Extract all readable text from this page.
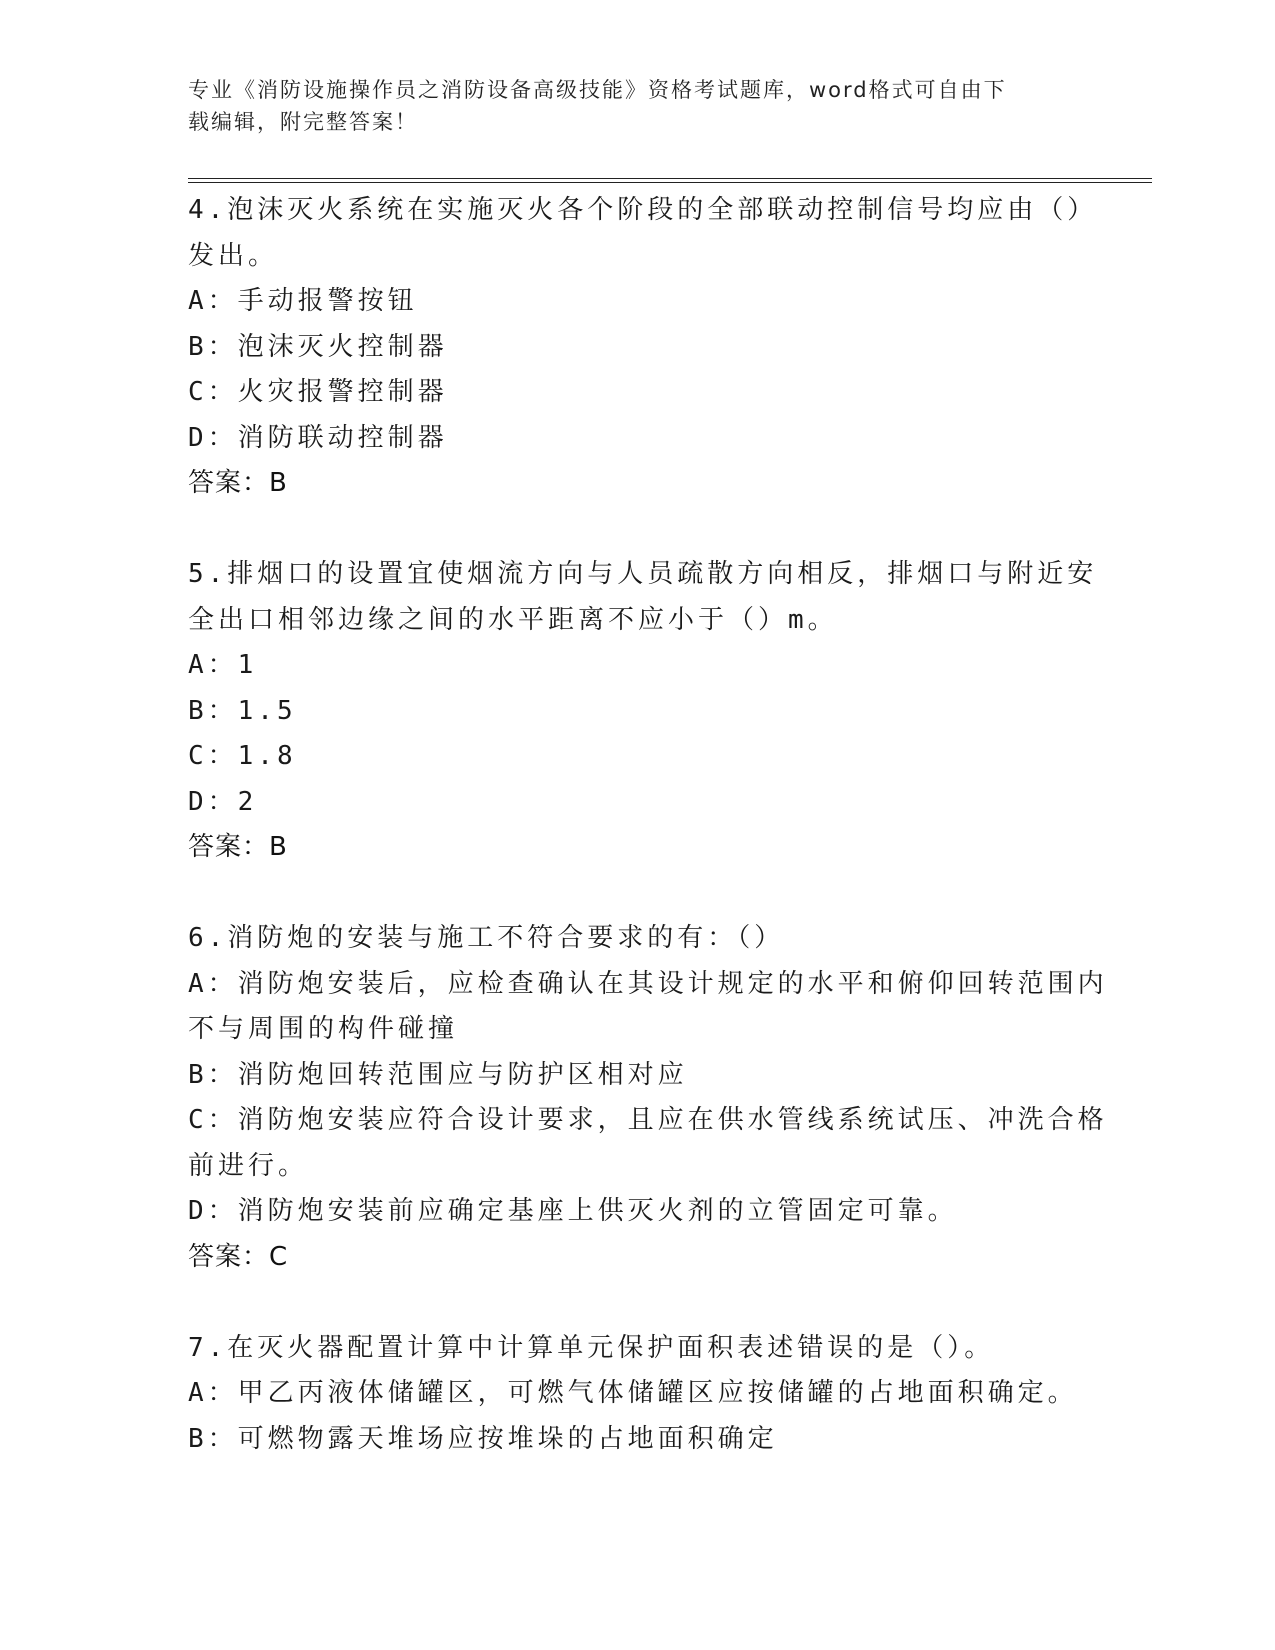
专业《消防设施操作员之消防设备高级技能》资格考试题库，word格式可自由下
载编辑，附完整答案！
4.泡沫灭火系统在实施灭火各个阶段的全部联动控制信号均应由（）
发出。
A：手动报警按钮
B：泡沫灭火控制器
C：火灾报警控制器
D：消防联动控制器
答案：B
5.排烟口的设置宜使烟流方向与人员疏散方向相反，排烟口与附近安
全出口相邻边缘之间的水平距离不应小于（）m。
A：1
B：1.5
C：1.8
D：2
答案：B
6.消防炮的安装与施工不符合要求的有：（）
A：消防炮安装后，应检查确认在其设计规定的水平和俯仰回转范围内
不与周围的构件碰撞
B：消防炮回转范围应与防护区相对应
C：消防炮安装应符合设计要求，且应在供水管线系统试压、冲洗合格
前进行。
D：消防炮安装前应确定基座上供灭火剂的立管固定可靠。
答案：C
7.在灭火器配置计算中计算单元保护面积表述错误的是（）。
A：甲乙丙液体储罐区，可燃气体储罐区应按储罐的占地面积确定。
B：可燃物露天堆场应按堆垛的占地面积确定
